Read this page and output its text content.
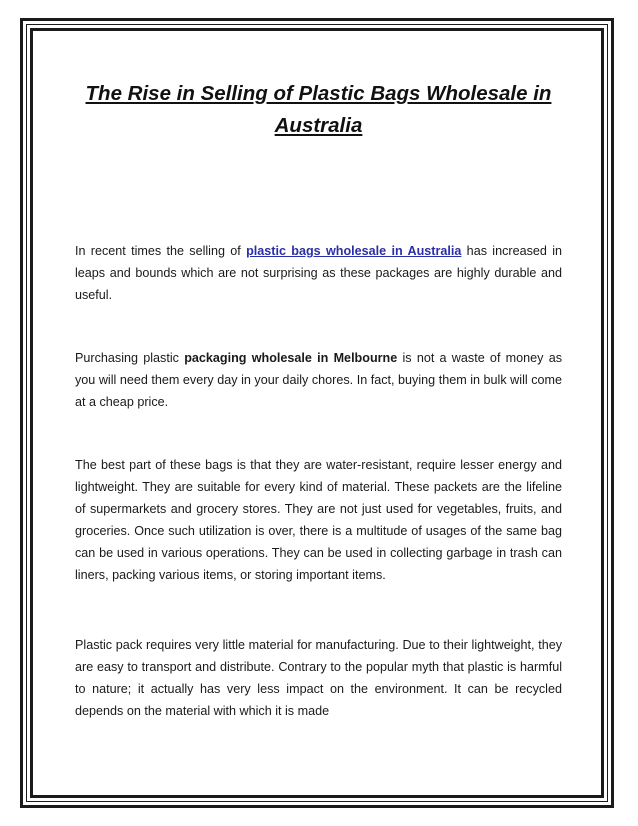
The Rise in Selling of Plastic Bags Wholesale in Australia

In recent times the selling of plastic bags wholesale in Australia has increased in leaps and bounds which are not surprising as these packages are highly durable and useful.

Purchasing plastic packaging wholesale in Melbourne is not a waste of money as you will need them every day in your daily chores. In fact, buying them in bulk will come at a cheap price.

The best part of these bags is that they are water-resistant, require lesser energy and lightweight. They are suitable for every kind of material. These packets are the lifeline of supermarkets and grocery stores. They are not just used for vegetables, fruits, and groceries. Once such utilization is over, there is a multitude of usages of the same bag can be used in various operations. They can be used in collecting garbage in trash can liners, packing various items, or storing important items.

Plastic pack requires very little material for manufacturing. Due to their lightweight, they are easy to transport and distribute. Contrary to the popular myth that plastic is harmful to nature; it actually has very less impact on the environment. It can be recycled depends on the material with which it is made
